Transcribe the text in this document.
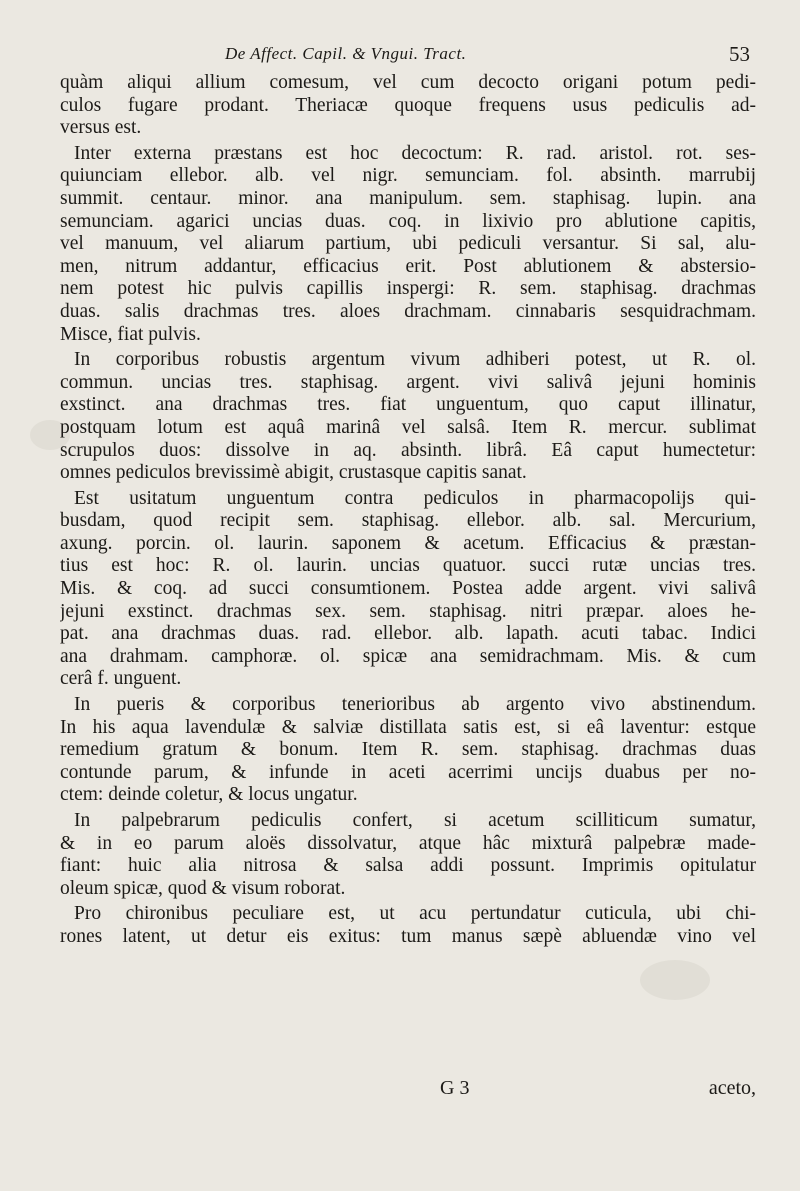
De Affect. Capil. & Vngui. Tract.	53
quàm aliqui allium comesum, vel cum decocto origani potum pedi-
culos fugare prodant. Theriacæ quoque frequens usus pediculis ad-
versus est.
Inter externa præstans est hoc decoctum: R. rad. aristol. rot. ses-
quiunciam ellebor. alb. vel nigr. semunciam. fol. absinth. marrubij
summit. centaur. minor. ana manipulum. sem. staphisag. lupin. ana
semunciam. agarici uncias duas. coq. in lixivio pro ablutione capitis,
vel manuum, vel aliarum partium, ubi pediculi versantur. Si sal, alu-
men, nitrum addantur, efficacius erit. Post ablutionem & abstersio-
nem potest hic pulvis capillis inspergi: R. sem. staphisag. drachmas
duas. salis drachmas tres. aloes drachmam. cinnabaris sesquidrachmam.
Misce, fiat pulvis.
In corporibus robustis argentum vivum adhiberi potest, ut R. ol.
commun. uncias tres. staphisag. argent. vivi salivâ jejuni hominis
exstinct. ana drachmas tres. fiat unguentum, quo caput illinatur,
postquam lotum est aquâ marinâ vel salsâ. Item R. mercur. sublimat
scrupulos duos: dissolve in aq. absinth. librâ. Eâ caput humectetur:
omnes pediculos brevissimè abigit, crustasque capitis sanat.
Est usitatum unguentum contra pediculos in pharmacopolijs qui-
busdam, quod recipit sem. staphisag. ellebor. alb. sal. Mercurium,
axung. porcin. ol. laurin. saponem & acetum. Efficacius & præstan-
tius est hoc: R. ol. laurin. uncias quatuor. succi rutæ uncias tres.
Mis. & coq. ad succi consumtionem. Postea adde argent. vivi salivâ
jejuni exstinct. drachmas sex. sem. staphisag. nitri præpar. aloes he-
pat. ana drachmas duas. rad. ellebor. alb. lapath. acuti tabac. Indici
ana drahmam. camphoræ. ol. spicæ ana semidrachmam. Mis. & cum
cerâ f. unguent.
In pueris & corporibus tenerioribus ab argento vivo abstinendum.
In his aqua lavendulæ & salviæ distillata satis est, si eâ laventur: estque
remedium gratum & bonum. Item R. sem. staphisag. drachmas duas
contunde parum, & infunde in aceti acerrimi uncijs duabus per no-
ctem: deinde coletur, & locus ungatur.
In palpebrarum pediculis confert, si acetum scilliticum sumatur,
& in eo parum aloës dissolvatur, atque hâc mixturâ palpebræ made-
fiant: huic alia nitrosa & salsa addi possunt. Imprimis opitulatur
oleum spicæ, quod & visum roborat.
Pro chironibus peculiare est, ut acu pertundatur cuticula, ubi chi-
rones latent, ut detur eis exitus: tum manus sæpè abluendæ vino vel
G 3	aceto,
